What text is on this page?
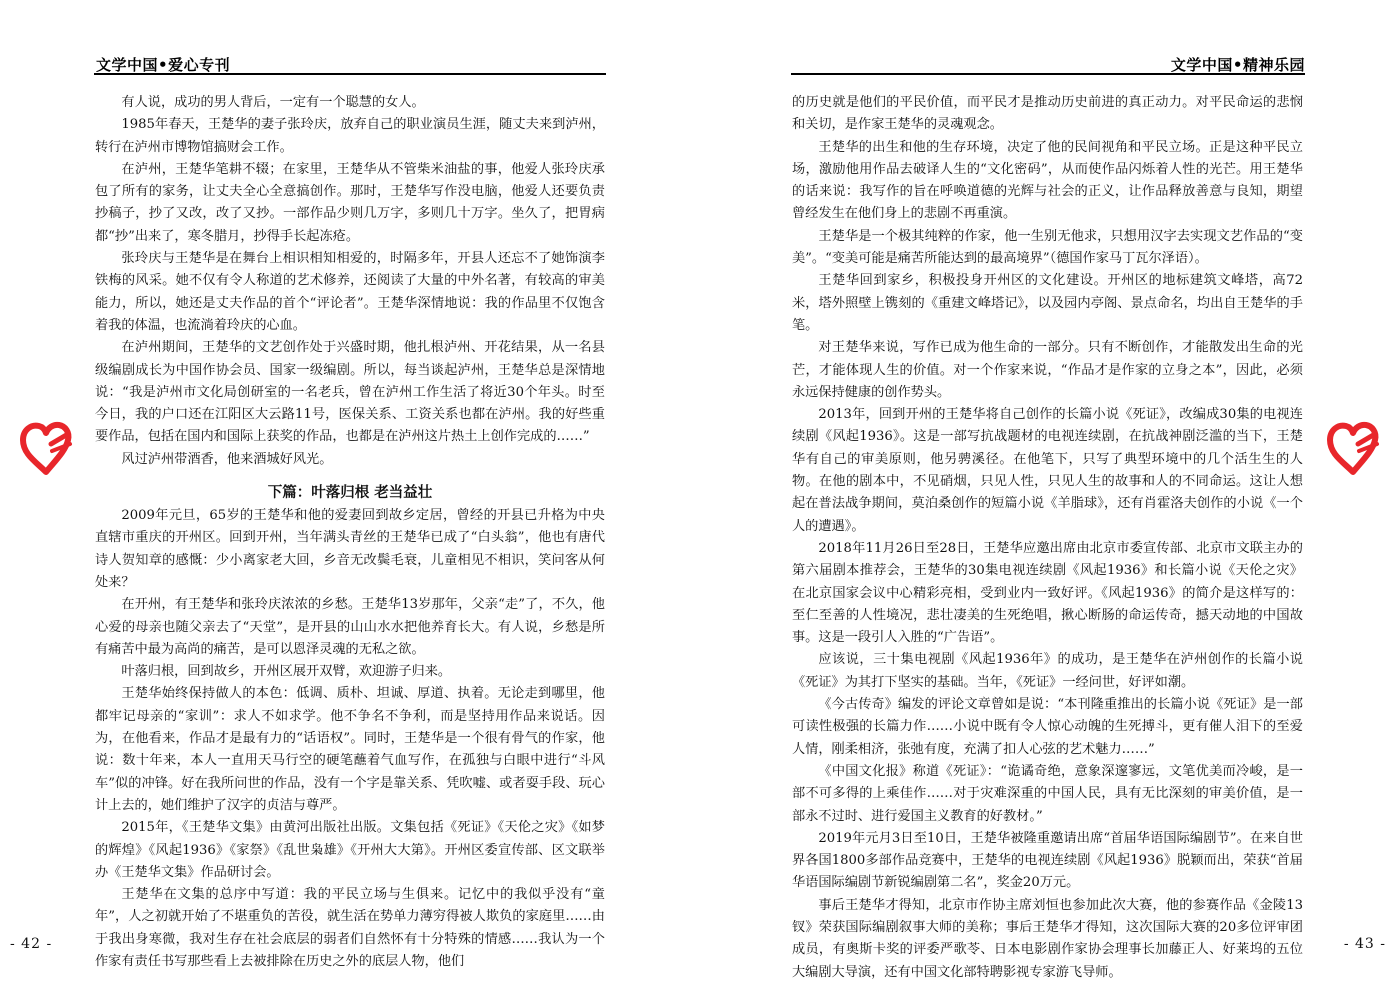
文学中国•爱心专刊

有人说，成功的男人背后，一定有一个聪慧的女人。

1985年春天，王楚华的妻子张玲庆，放弃自己的职业演员生涯，随丈夫来到泸州，转行在泸州市博物馆搞财会工作。

在泸州，王楚华笔耕不辍；在家里，王楚华从不管柴米油盐的事，他爱人张玲庆承包了所有的家务，让丈夫全心全意搞创作。那时，王楚华写作没电脑，他爱人还要负责抄稿子，抄了又改，改了又抄。一部作品少则几万字，多则几十万字。坐久了，把胃病都“抄”出来了，寒冬腊月，抄得手长起冻疮。

张玲庆与王楚华是在舞台上相识相知相爱的，时隔多年，开县人还忘不了她饰演李铁梅的风采。她不仅有令人称道的艺术修养，还阅读了大量的中外名著，有较高的审美能力，所以，她还是丈夫作品的首个“评论者”。王楚华深情地说：我的作品里不仅饱含着我的体温，也流淌着玲庆的心血。

在泸州期间，王楚华的文艺创作处于兴盛时期，他扎根泸州、开花结果，从一名县级编剧成长为中国作协会员、国家一级编剧。所以，每当谈起泸州，王楚华总是深情地说：“我是泸州市文化局创研室的一名老兵，曾在泸州工作生活了将近30个年头。时至今日，我的户口还在江阳区大云路11号，医保关系、工资关系也都在泸州。我的好些重要作品，包括在国内和国际上获奖的作品，也都是在泸州这片热土上创作完成的……”

风过泸州带酒香，他来酒城好风光。

下篇：叶落归根 老当益壮

2009年元旦，65岁的王楚华和他的爱妻回到故乡定居，曾经的开县已升格为中央直辖市重庆的开州区。回到开州，当年满头青丝的王楚华已成了“白头翁”，他也有唐代诗人贺知章的感慨：少小离家老大回，乡音无改鬓毛衰，儿童相见不相识，笑问客从何处来？

在开州，有王楚华和张玲庆浓浓的乡愁。王楚华13岁那年，父亲“走”了，不久，他心爱的母亲也随父亲去了“天堂”，是开县的山山水水把他养育长大。有人说，乡愁是所有痛苦中最为高尚的痛苦，是可以恩泽灵魂的无私之欲。

叶落归根，回到故乡，开州区展开双臂，欢迎游子归来。

王楚华始终保持做人的本色：低调、质朴、坦诚、厚道、执着。无论走到哪里，他都牢记母亲的“家训”：求人不如求学。他不争名不争利，而是坚持用作品来说话。因为，在他看来，作品才是最有力的“话语权”。同时，王楚华是一个很有骨气的作家，他说：数十年来，本人一直用天马行空的硬笔蘸着气血写作，在孤独与白眼中进行“斗风车”似的冲锋。好在我所问世的作品，没有一个字是靠关系、凭吹嘘、或者耍手段、玩心计上去的，她们维护了汉字的贞洁与尊严。

2015年，《王楚华文集》由黄河出版社出版。文集包括《死证》《天伦之灾》《如梦的辉煌》《风起1936》《家祭》《乱世枭雄》《开州大大第》。开州区委宣传部、区文联举办《王楚华文集》作品研讨会。

王楚华在文集的总序中写道：我的平民立场与生俱来。记忆中的我似乎没有“童年”，人之初就开始了不堪重负的苦役，就生活在势单力薄穷得被人欺负的家庭里……由于我出身寒微，我对生存在社会底层的弱者们自然怀有十分特殊的情感……我认为一个作家有责任书写那些看上去被排除在历史之外的底层人物，他们

- 42 -
文学中国•精神乐园

的历史就是他们的平民价值，而平民才是推动历史前进的真正动力。对平民命运的悲悯和关切，是作家王楚华的灵魂观念。

王楚华的出生和他的生存环境，决定了他的民间视角和平民立场。正是这种平民立场，激励他用作品去破译人生的“文化密码”，从而使作品闪烁着人性的光芒。用王楚华的话来说：我写作的旨在呼唤道德的光辉与社会的正义，让作品释放善意与良知，期望曾经发生在他们身上的悲剧不再重演。

王楚华是一个极其纯粹的作家，他一生别无他求，只想用汉字去实现文艺作品的“变美”。“变美可能是痛苦所能达到的最高境界”（德国作家马丁瓦尔泽语）。

王楚华回到家乡，积极投身开州区的文化建设。开州区的地标建筑文峰塔，高72米，塔外照壁上镌刻的《重建文峰塔记》，以及园内亭阁、景点命名，均出自王楚华的手笔。

对王楚华来说，写作已成为他生命的一部分。只有不断创作，才能散发出生命的光芒，才能体现人生的价值。对一个作家来说，“作品才是作家的立身之本”，因此，必须永远保持健康的创作势头。

2013年，回到开州的王楚华将自己创作的长篇小说《死证》，改编成30集的电视连续剧《风起1936》。这是一部写抗战题材的电视连续剧，在抗战神剧泛滥的当下，王楚华有自己的审美原则，他另骋溪径。在他笔下，只写了典型环境中的几个活生生的人物。在他的剧本中，不见硝烟，只见人性，只见人生的故事和人的不同命运。这让人想起在普法战争期间，莫泊桑创作的短篇小说《羊脂球》，还有肖霍洛夫创作的小说《一个人的遭遇》。

2018年11月26日至28日，王楚华应邀出席由北京市委宣传部、北京市文联主办的第六届剧本推荐会，王楚华的30集电视连续剧《风起1936》和长篇小说《天伦之灾》在北京国家会议中心精彩亮相，受到业内一致好评。《风起1936》的简介是这样写的：至仁至善的人性境况，悲壮凄美的生死绝唱，揪心断肠的命运传奇，撼天动地的中国故事。这是一段引人入胜的“广告语”。

应该说，三十集电视剧《风起1936年》的成功，是王楚华在泸州创作的长篇小说《死证》为其打下坚实的基础。当年，《死证》一经问世，好评如潮。

《今古传奇》编发的评论文章曾如是说：“本刊隆重推出的长篇小说《死证》是一部可读性极强的长篇力作……小说中既有令人惊心动魄的生死搏斗，更有催人泪下的至爱人情，刚柔相济，张弛有度，充满了扣人心弦的艺术魅力……”

《中国文化报》称道《死证》：“诡谲奇绝，意象深邃寥远，文笔优美而冷峻，是一部不可多得的上乘佳作……对于灾难深重的中国人民，具有无比深刻的审美价值，是一部永不过时、进行爱国主义教育的好教材。”

2019年元月3日至10日，王楚华被隆重邀请出席“首届华语国际编剧节”。在来自世界各国1800多部作品竞赛中，王楚华的电视连续剧《风起1936》脱颖而出，荣获“首届华语国际编剧节新锐编剧第二名”，奖金20万元。

事后王楚华才得知，北京市作协主席刘恒也参加此次大赛，他的参赛作品《金陵13钗》荣获国际编剧叙事大师的美称；事后王楚华才得知，这次国际大赛的20多位评审团成员，有奥斯卡奖的评委严歌苓、日本电影剧作家协会理事长加藤正人、好莱坞的五位大编剧大导演，还有中国文化部特聘影视专家游飞导师。

- 43 -
